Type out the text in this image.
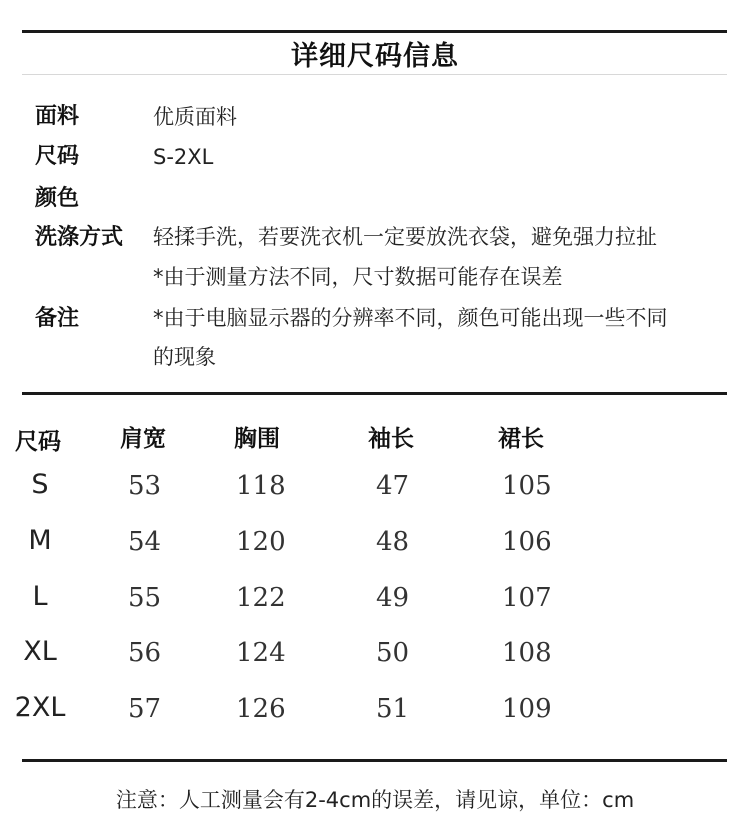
详细尺码信息
面料	优质面料
尺码	S-2XL
颜色
洗涤方式 轻揉手洗，若要洗衣机一定要放洗衣袋，避免强力拉扯
*由于测量方法不同，尺寸数据可能存在误差
备注	*由于电脑显示器的分辨率不同，颜色可能出现一些不同
的现象
尺码	肩宽	胸围	袖长	裙长
S	53	118	47	105
M	54	120	48	106
L	55	122	49	107
XL	56	124	50	108
2XL 57	126	51	109
注意：人工测量会有2-4cm的误差，请见谅，单位：cm
